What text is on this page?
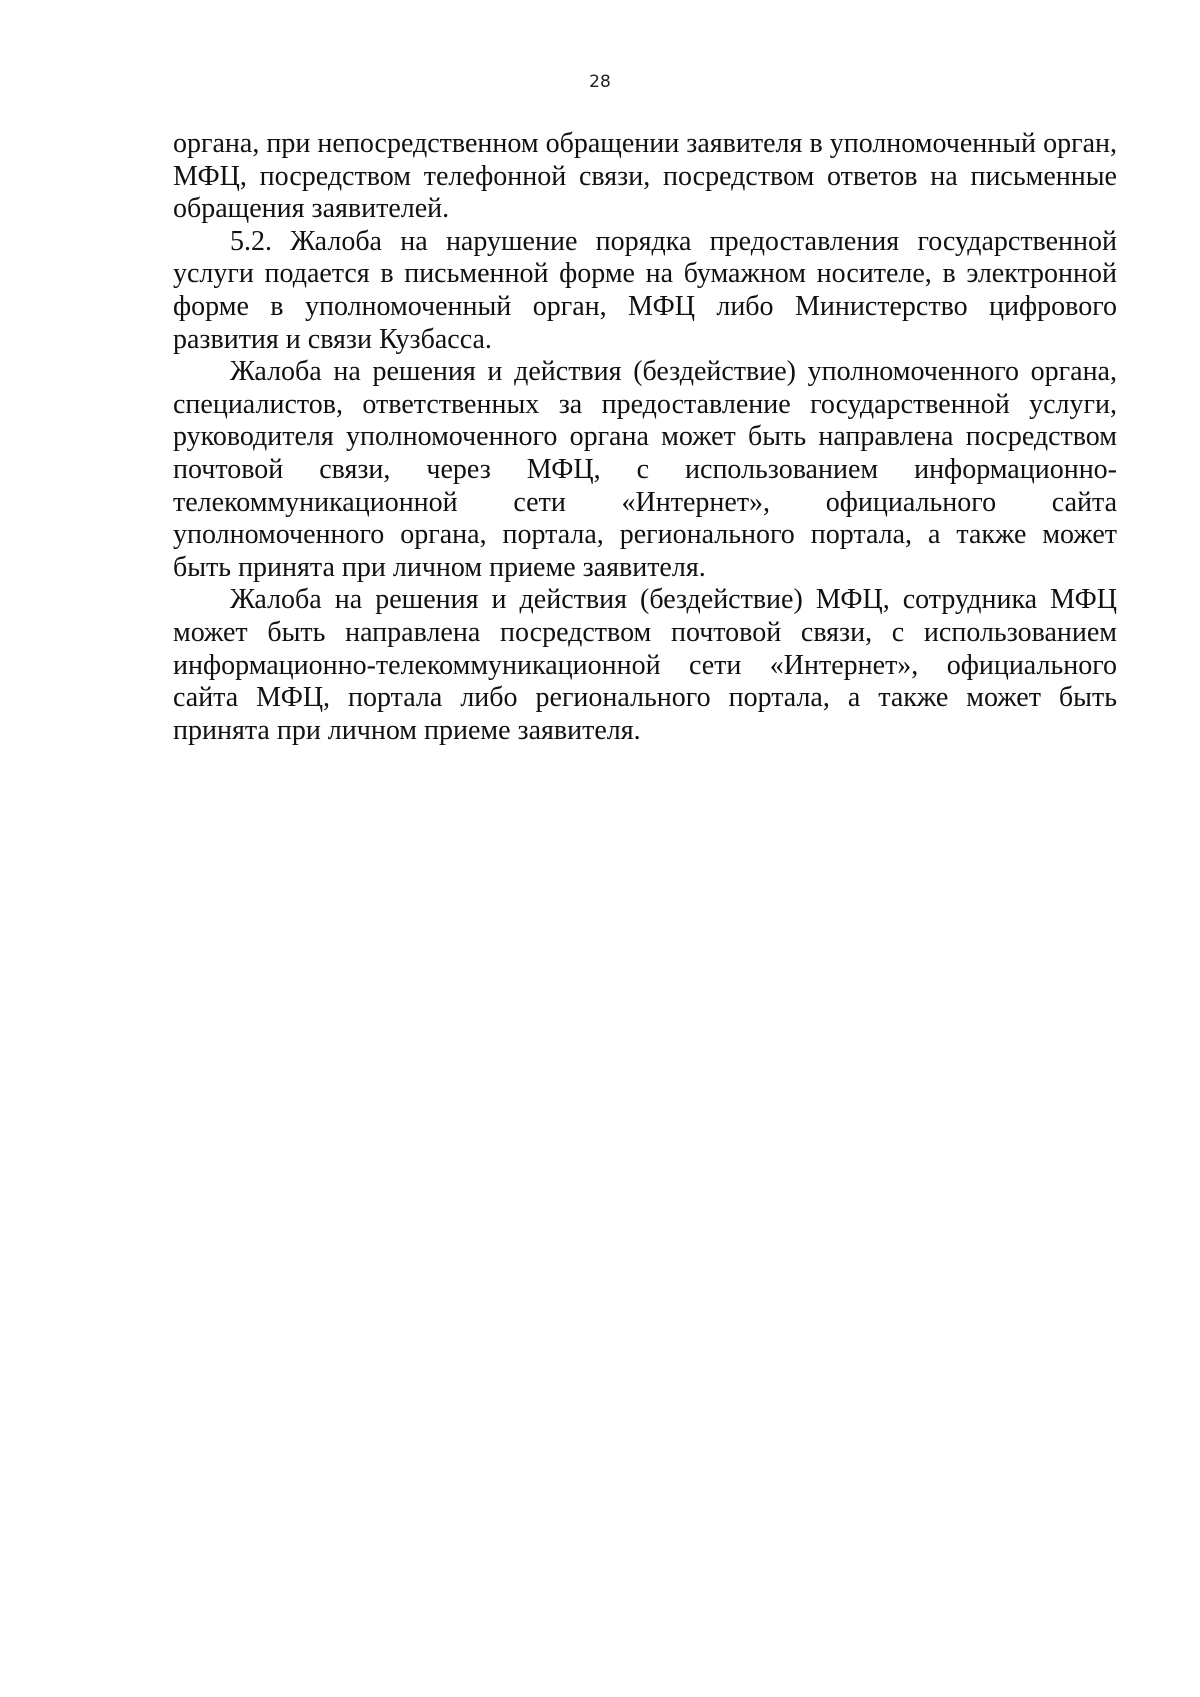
28

органа, при непосредственном обращении заявителя в уполномоченный орган, МФЦ, посредством телефонной связи, посредством ответов на письменные обращения заявителей.

5.2. Жалоба на нарушение порядка предоставления государственной услуги подается в письменной форме на бумажном носителе, в электронной форме в уполномоченный орган, МФЦ либо Министерство цифрового развития и связи Кузбасса.

Жалоба на решения и действия (бездействие) уполномоченного органа, специалистов, ответственных за предоставление государственной услуги, руководителя уполномоченного органа может быть направлена посредством почтовой связи, через МФЦ, с использованием информационно-телекоммуникационной сети «Интернет», официального сайта уполномоченного органа, портала, регионального портала, а также может быть принята при личном приеме заявителя.

Жалоба на решения и действия (бездействие) МФЦ, сотрудника МФЦ может быть направлена посредством почтовой связи, с использованием информационно-телекоммуникационной сети «Интернет», официального сайта МФЦ, портала либо регионального портала, а также может быть принята при личном приеме заявителя.
